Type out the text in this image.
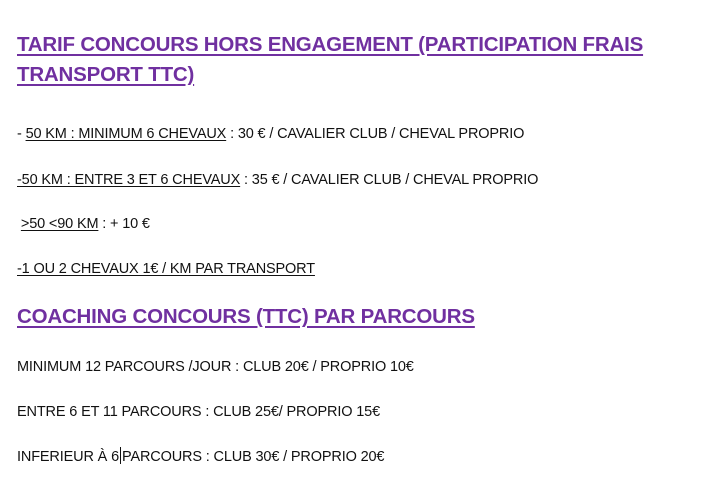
TARIF CONCOURS HORS ENGAGEMENT (PARTICIPATION FRAIS TRANSPORT TTC)
- 50 KM : MINIMUM 6 CHEVAUX : 30 € / CAVALIER CLUB / CHEVAL PROPRIO
-50 KM : ENTRE 3 ET 6 CHEVAUX : 35 € / CAVALIER CLUB / CHEVAL PROPRIO
>50 <90 KM : + 10 €
-1 OU 2 CHEVAUX 1€ / KM PAR TRANSPORT
COACHING CONCOURS (TTC) PAR PARCOURS
MINIMUM 12 PARCOURS /JOUR : CLUB 20€ / PROPRIO 10€
ENTRE 6 ET 11 PARCOURS : CLUB 25€/ PROPRIO 15€
INFERIEUR À 6 PARCOURS : CLUB 30€ / PROPRIO 20€
